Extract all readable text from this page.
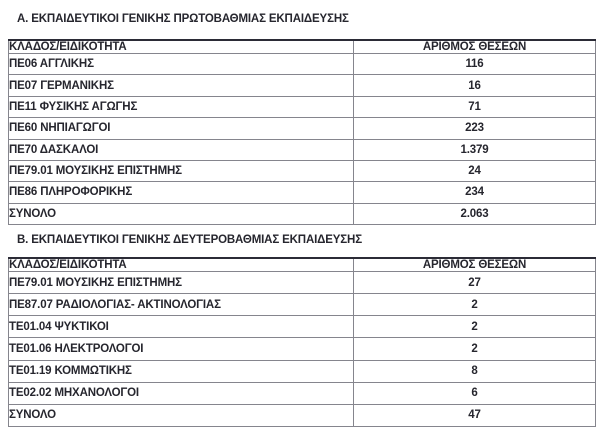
Α. ΕΚΠΑΙΔΕΥΤΙΚΟΙ ΓΕΝΙΚΗΣ ΠΡΩΤΟΒΑΘΜΙΑΣ ΕΚΠΑΙΔΕΥΣΗΣ
ΚΛΑΔΟΣ/ΕΙΔΙΚΟΤΗΤΑ	ΑΡΙΘΜΟΣ ΘΕΣΕΩΝ
ΠΕ06 ΑΓΓΛΙΚΗΣ	116
ΠΕ07 ΓΕΡΜΑΝΙΚΗΣ	16
ΠΕ11 ΦΥΣΙΚΗΣ ΑΓΩΓΗΣ	71
ΠΕ60 ΝΗΠΙΑΓΩΓΟΙ	223
ΠΕ70 ΔΑΣΚΑΛΟΙ	1.379
ΠΕ79.01 ΜΟΥΣΙΚΗΣ ΕΠΙΣΤΗΜΗΣ	24
ΠΕ86 ΠΛΗΡΟΦΟΡΙΚΗΣ	234
ΣΥΝΟΛΟ	2.063
Β. ΕΚΠΑΙΔΕΥΤΙΚΟΙ ΓΕΝΙΚΗΣ ΔΕΥΤΕΡΟΒΑΘΜΙΑΣ ΕΚΠΑΙΔΕΥΣΗΣ
ΚΛΑΔΟΣ/ΕΙΔΙΚΟΤΗΤΑ	ΑΡΙΘΜΟΣ ΘΕΣΕΩΝ
ΠΕ79.01 ΜΟΥΣΙΚΗΣ ΕΠΙΣΤΗΜΗΣ	27
ΠΕ87.07 ΡΑΔΙΟΛΟΓΙΑΣ- ΑΚΤΙΝΟΛΟΓΙΑΣ	2
ΤΕ01.04 ΨΥΚΤΙΚΟΙ	2
ΤΕ01.06 ΗΛΕΚΤΡΟΛΟΓΟΙ	2
ΤΕ01.19 ΚΟΜΜΩΤΙΚΗΣ	8
ΤΕ02.02 ΜΗΧΑΝΟΛΟΓΟΙ	6
ΣΥΝΟΛΟ	47
